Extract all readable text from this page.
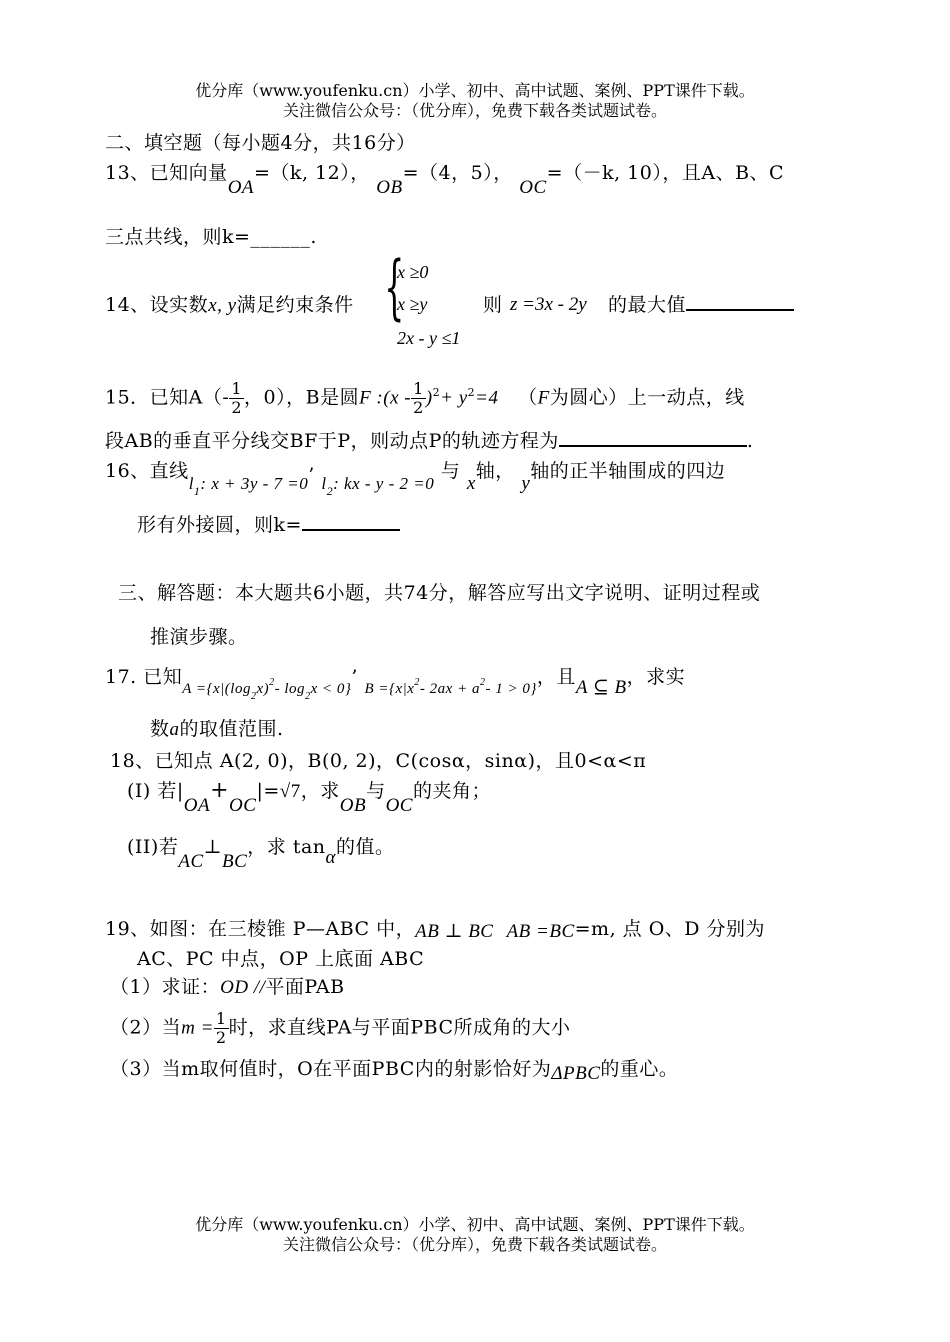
优分库（www.youfenku.cn）小学、初中、高中试题、案例、PPT课件下载。
关注微信公众号：（优分库），免费下载各类试题试卷。
二、填空题（每小题4分，共16分）
13、已知向量OA=（k, 12）， OB=（4，5）， OC=（－k, 10），且A、B、C
三点共线，则k=______.
14、设实数x, y满足约束条件 {
x ≥0
x ≥y
2x - y ≤1
则 z =3x - 2y 的最大值
15．已知$A(- \frac{1}{2}$ ，0），B是圆F :(x - $\frac{1}{2} )^2+ y^2=4$ （F为圆心）上一动点，线
段AB的垂直平分线交BF于P，则动点P的轨迹方程为	.
16、直线$l_1$: x + 3y - 7 =0’ $l_2$: kx - y - 2 =0 与 x轴， y轴的正半轴围成的四边
形有外接圆，则k=
三、解答题：本大题共6小题，共74分，解答应写出文字说明、证明过程或
推演步骤。
17. 已知$_{A =\{x|(log_2x)^2- log_2x < 0\}}$’ $_{B =\{x|x^2- 2ax + a^2- 1 > 0\}}$，且A ⊆ B，求实
数a的取值范围.
18、已知点 A(2, 0)，B(0, 2)，C(cosα，sinα)，且0<α<π
(I) 若|OA+OC|=√7，求OB与OC的夹角；
(II)若AC⊥BC，求 tanα的值。
19、如图：在三棱锥 P—ABC 中，AB ⊥ BC AB =BC=m, 点 O、D 分别为
AC、PC 中点，OP 上底面 ABC
（1）求证：OD //平面PAB
（2）当$m = \frac{1}{2}$ 时，求直线PA与平面PBC所成角的大小
（3）当m取何值时，O在平面PBC内的射影恰好为ΔPBC的重心。
优分库（www.youfenku.cn）小学、初中、高中试题、案例、PPT课件下载。
关注微信公众号：（优分库），免费下载各类试题试卷。
